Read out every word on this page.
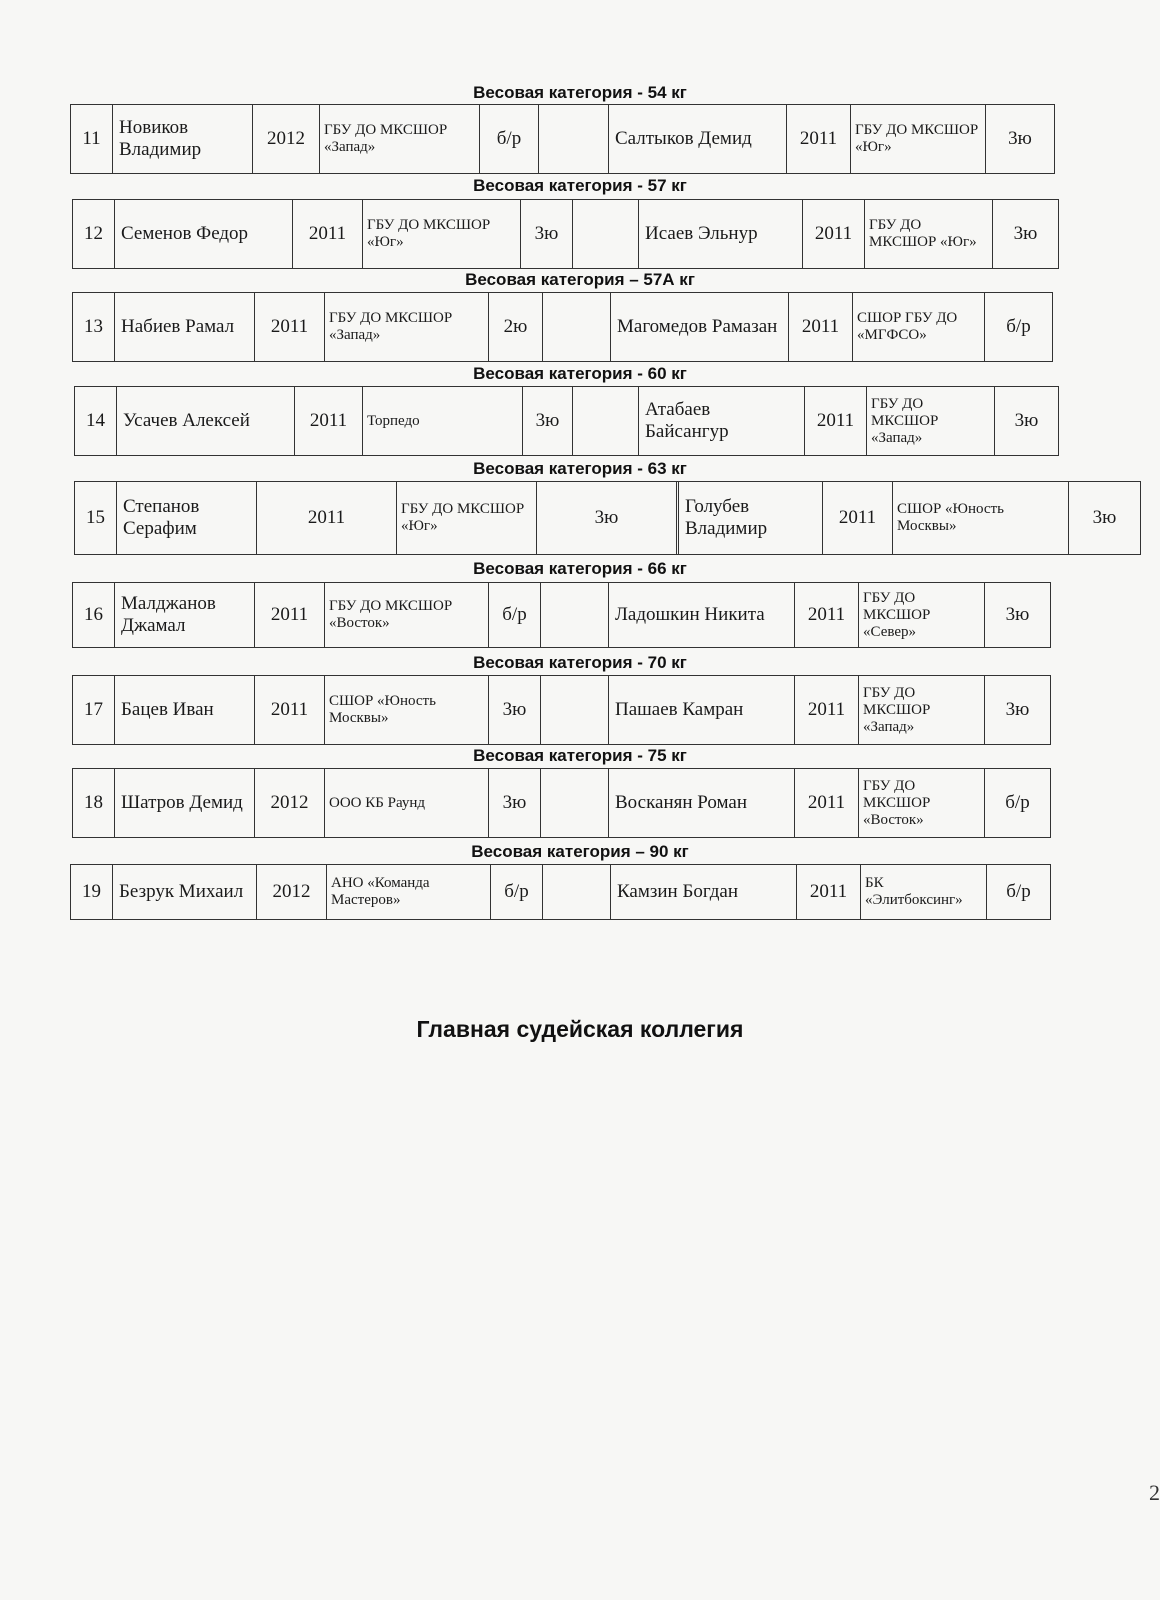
Весовая категория - 54 кг
11	Новиков Владимир	2012	ГБУ ДО МКСШОР «Запад»	б/р		Салтыков Демид	2011	ГБУ ДО МКСШОР «Юг»	3ю
Весовая категория - 57 кг
12	Семенов Федор	2011	ГБУ ДО МКСШОР «Юг»	3ю		Исаев Эльнур	2011	ГБУ ДО МКСШОР «Юг»	3ю
Весовая категория – 57А кг
13	Набиев Рамал	2011	ГБУ ДО МКСШОР «Запад»	2ю		Магомедов Рамазан	2011	СШОР ГБУ ДО «МГФСО»	б/р
Весовая категория - 60 кг
14	Усачев Алексей	2011	Торпедо	3ю		Атабаев Байсангур	2011	ГБУ ДО МКСШОР «Запад»	3ю
Весовая категория - 63 кг
15	Степанов Серафим	2011	ГБУ ДО МКСШОР «Юг»	3ю		Голубев Владимир	2011	СШОР «Юность Москвы»	3ю
Весовая категория - 66 кг
16	Малджанов Джамал	2011	ГБУ ДО МКСШОР «Восток»	б/р		Ладошкин Никита	2011	ГБУ ДО МКСШОР «Север»	3ю
Весовая категория - 70 кг
17	Бацев Иван	2011	СШОР «Юность Москвы»	3ю		Пашаев Камран	2011	ГБУ ДО МКСШОР «Запад»	3ю
Весовая категория - 75 кг
18	Шатров Демид	2012	ООО КБ Раунд	3ю		Восканян Роман	2011	ГБУ ДО МКСШОР «Восток»	б/р
Весовая категория – 90 кг
19	Безрук Михаил	2012	АНО «Команда Мастеров»	б/р		Камзин Богдан	2011	БК «Элитбоксинг»	б/р
Главная судейская коллегия
2
